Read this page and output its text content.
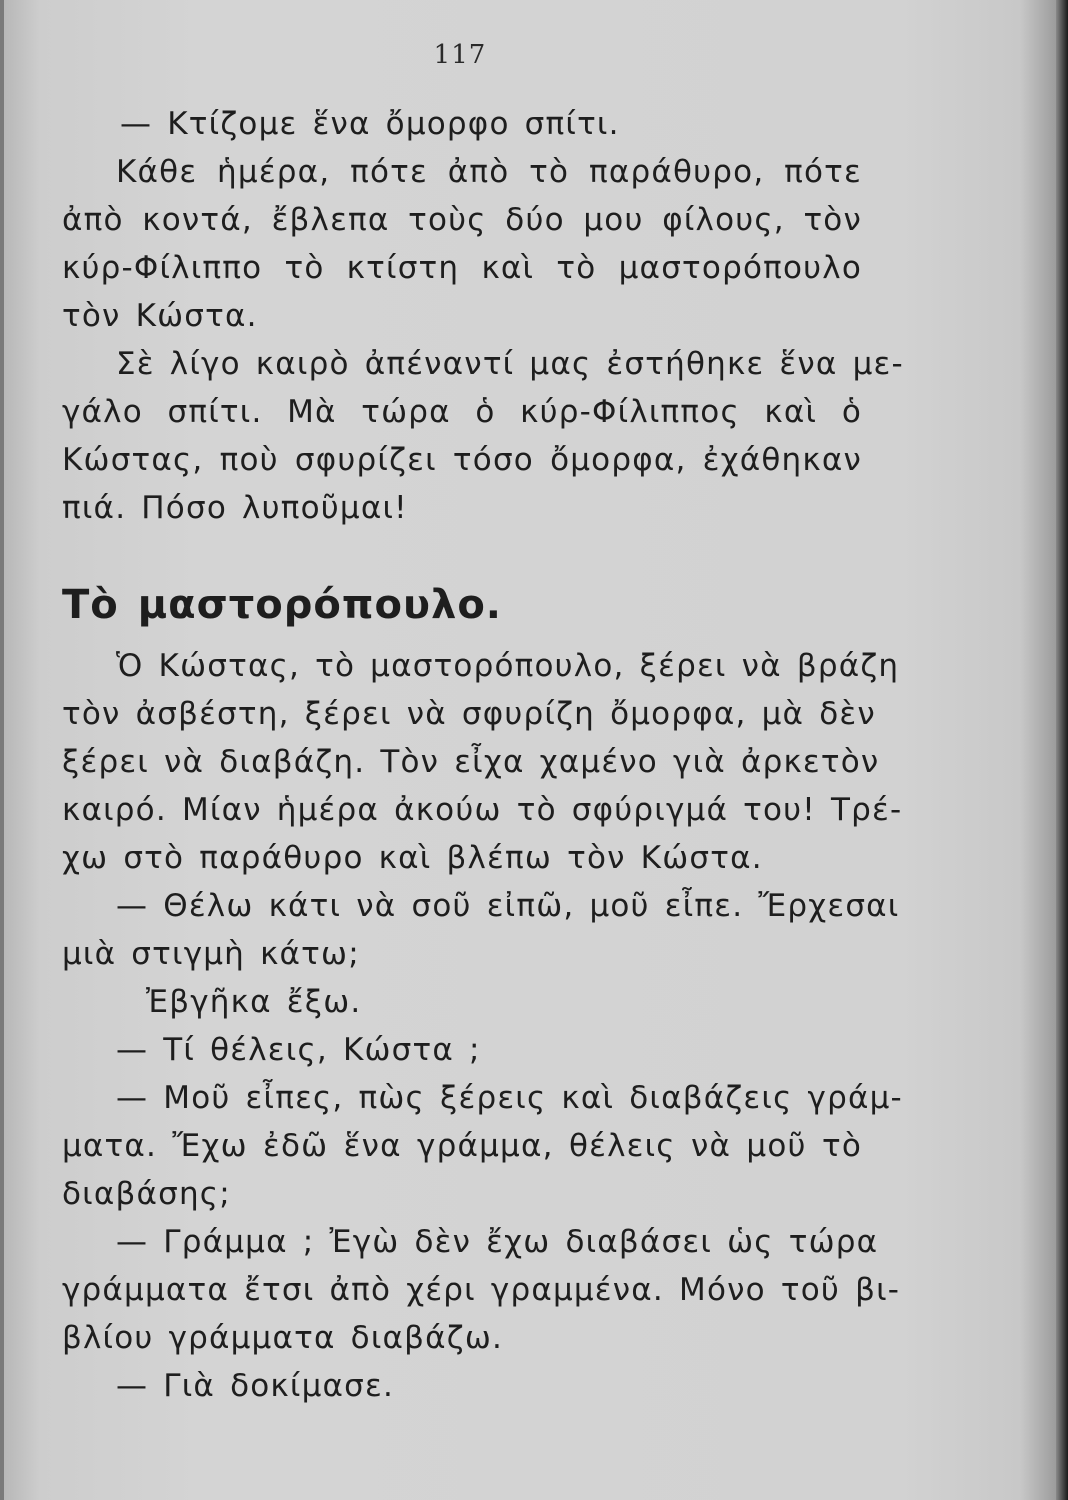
117
— Κτίζομε ἕνα ὄμορφο σπίτι.
Κάθε ἡμέρα, πότε ἀπὸ τὸ παράθυρο, πότε
ἀπὸ κοντά, ἔβλεπα τοὺς δύο μου φίλους, τὸν
κύρ-Φίλιππο τὸ κτίστη καὶ τὸ μαστορόπουλο
τὸν Κώστα.
Σὲ λίγο καιρὸ ἀπέναντί μας ἐστήθηκε ἕνα με-
γάλο σπίτι. Μὰ τώρα ὁ κύρ-Φίλιππος καὶ ὁ
Κώστας, ποὺ σφυρίζει τόσο ὄμορφα, ἐχάθηκαν
πιά. Πόσο λυποῦμαι!
Τὸ μαστορόπουλο.
Ὁ Κώστας, τὸ μαστορόπουλο, ξέρει νὰ βράζη
τὸν ἀσβέστη, ξέρει νὰ σφυρίζη ὄμορφα, μὰ δὲν
ξέρει νὰ διαβάζη. Τὸν εἶχα χαμένο γιὰ ἀρκετὸν
καιρό. Μίαν ἡμέρα ἀκούω τὸ σφύριγμά του! Τρέ-
χω στὸ παράθυρο καὶ βλέπω τὸν Κώστα.
— Θέλω κάτι νὰ σοῦ εἰπῶ, μοῦ εἶπε. Ἔρχεσαι
μιὰ στιγμὴ κάτω;
Ἐβγῆκα ἔξω.
— Τί θέλεις, Κώστα ;
— Μοῦ εἶπες, πὼς ξέρεις καὶ διαβάζεις γράμ-
ματα. Ἔχω ἐδῶ ἕνα γράμμα, θέλεις νὰ μοῦ τὸ
διαβάσης;
— Γράμμα ; Ἐγὼ δὲν ἔχω διαβάσει ὡς τώρα
γράμματα ἔτσι ἀπὸ χέρι γραμμένα. Μόνο τοῦ βι-
βλίου γράμματα διαβάζω.
— Γιὰ δοκίμασε.
